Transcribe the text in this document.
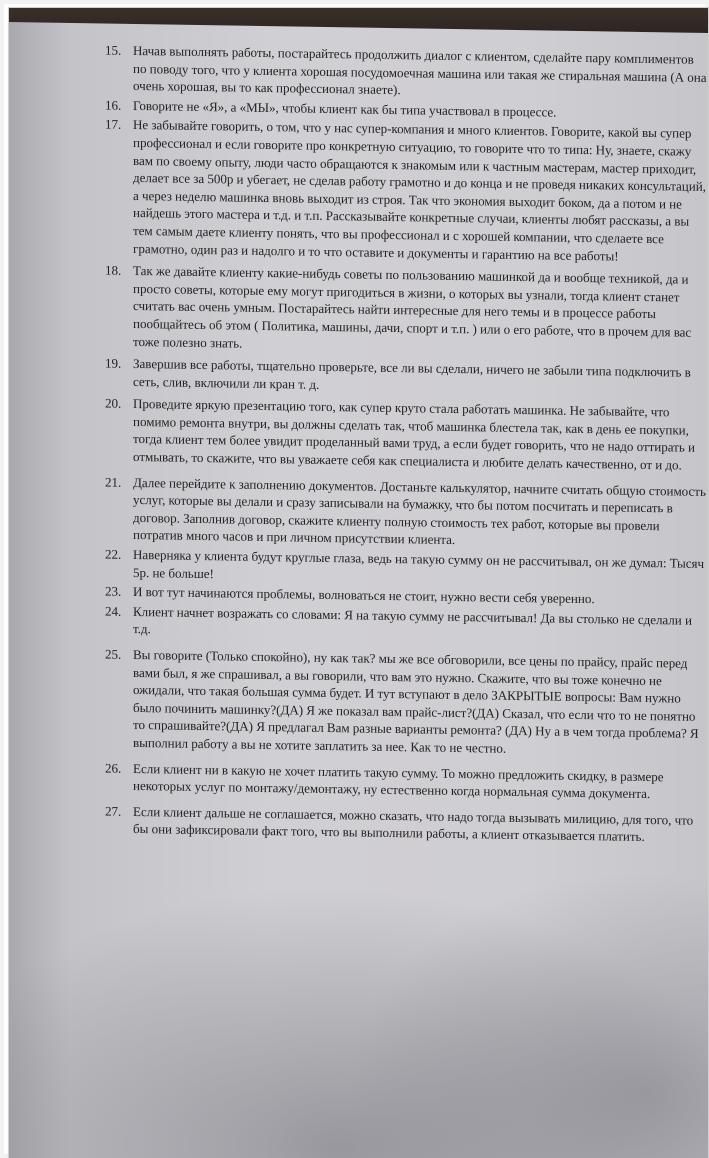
15. Начав выполнять работы, постарайтесь продолжить диалог с клиентом, сделайте пару комплиментов по поводу того, что у клиента хорошая посудомоечная машина или такая же стиральная машина (А она очень хорошая, вы то как профессионал знаете).
16. Говорите не «Я», а «МЫ», чтобы клиент как бы типа участвовал в процессе.
17. Не забывайте говорить, о том, что у нас супер-компания и много клиентов. Говорите, какой вы супер профессионал и если говорите про конкретную ситуацию, то говорите что то типа: Ну, знаете, скажу вам по своему опыту, люди часто обращаются к знакомым или к частным мастерам, мастер приходит, делает все за 500р и убегает, не сделав работу грамотно и до конца и не проведя никаких консультаций, а через неделю машинка вновь выходит из строя. Так что экономия выходит боком, да а потом и не найдешь этого мастера и т.д. и т.п. Рассказывайте конкретные случаи, клиенты любят рассказы, а вы тем самым даете клиенту понять, что вы профессионал и с хорошей компании, что сделаете все грамотно, один раз и надолго и то что оставите и документы и гарантию на все работы!
18. Так же давайте клиенту какие-нибудь советы по пользованию машинкой да и вообще техникой, да и просто советы, которые ему могут пригодиться в жизни, о которых вы узнали, тогда клиент станет считать вас очень умным. Постарайтесь найти интересные для него темы и в процессе работы пообщайтесь об этом ( Политика, машины, дачи, спорт и т.п. ) или о его работе, что в прочем для вас тоже полезно знать.
19. Завершив все работы, тщательно проверьте, все ли вы сделали, ничего не забыли типа подключить в сеть, слив, включили ли кран т. д.
20. Проведите яркую презентацию того, как супер круто стала работать машинка. Не забывайте, что помимо ремонта внутри, вы должны сделать так, чтоб машинка блестела так, как в день ее покупки, тогда клиент тем более увидит проделанный вами труд, а если будет говорить, что не надо оттирать и отмывать, то скажите, что вы уважаете себя как специалиста и любите делать качественно, от и до.
21. Далее перейдите к заполнению документов. Достаньте калькулятор, начните считать общую стоимость услуг, которые вы делали и сразу записывали на бумажку, что бы потом посчитать и переписать в договор. Заполнив договор, скажите клиенту полную стоимость тех работ, которые вы провели потратив много часов и при личном присутствии клиента.
22. Наверняка у клиента будут круглые глаза, ведь на такую сумму он не рассчитывал, он же думал: Тысяч 5р. не больше!
23. И вот тут начинаются проблемы, волноваться не стоит, нужно вести себя уверенно.
24. Клиент начнет возражать со словами: Я на такую сумму не рассчитывал! Да вы столько не сделали и т.д.
25. Вы говорите (Только спокойно), ну как так? мы же все обговорили, все цены по прайсу, прайс перед вами был, я же спрашивал, а вы говорили, что вам это нужно. Скажите, что вы тоже конечно не ожидали, что такая большая сумма будет. И тут вступают в дело ЗАКРЫТЫЕ вопросы: Вам нужно было починить машинку?(ДА) Я же показал вам прайс-лист?(ДА) Сказал, что если что то не понятно то спрашивайте?(ДА) Я предлагал Вам разные варианты ремонта? (ДА) Ну а в чем тогда проблема? Я выполнил работу а вы не хотите заплатить за нее. Как то не честно.
26. Если клиент ни в какую не хочет платить такую сумму. То можно предложить скидку, в размере некоторых услуг по монтажу/демонтажу, ну естественно когда нормальная сумма документа.
27. Если клиент дальше не соглашается, можно сказать, что надо тогда вызывать милицию, для того, что бы они зафиксировали факт того, что вы выполнили работы, а клиент отказывается платить.
